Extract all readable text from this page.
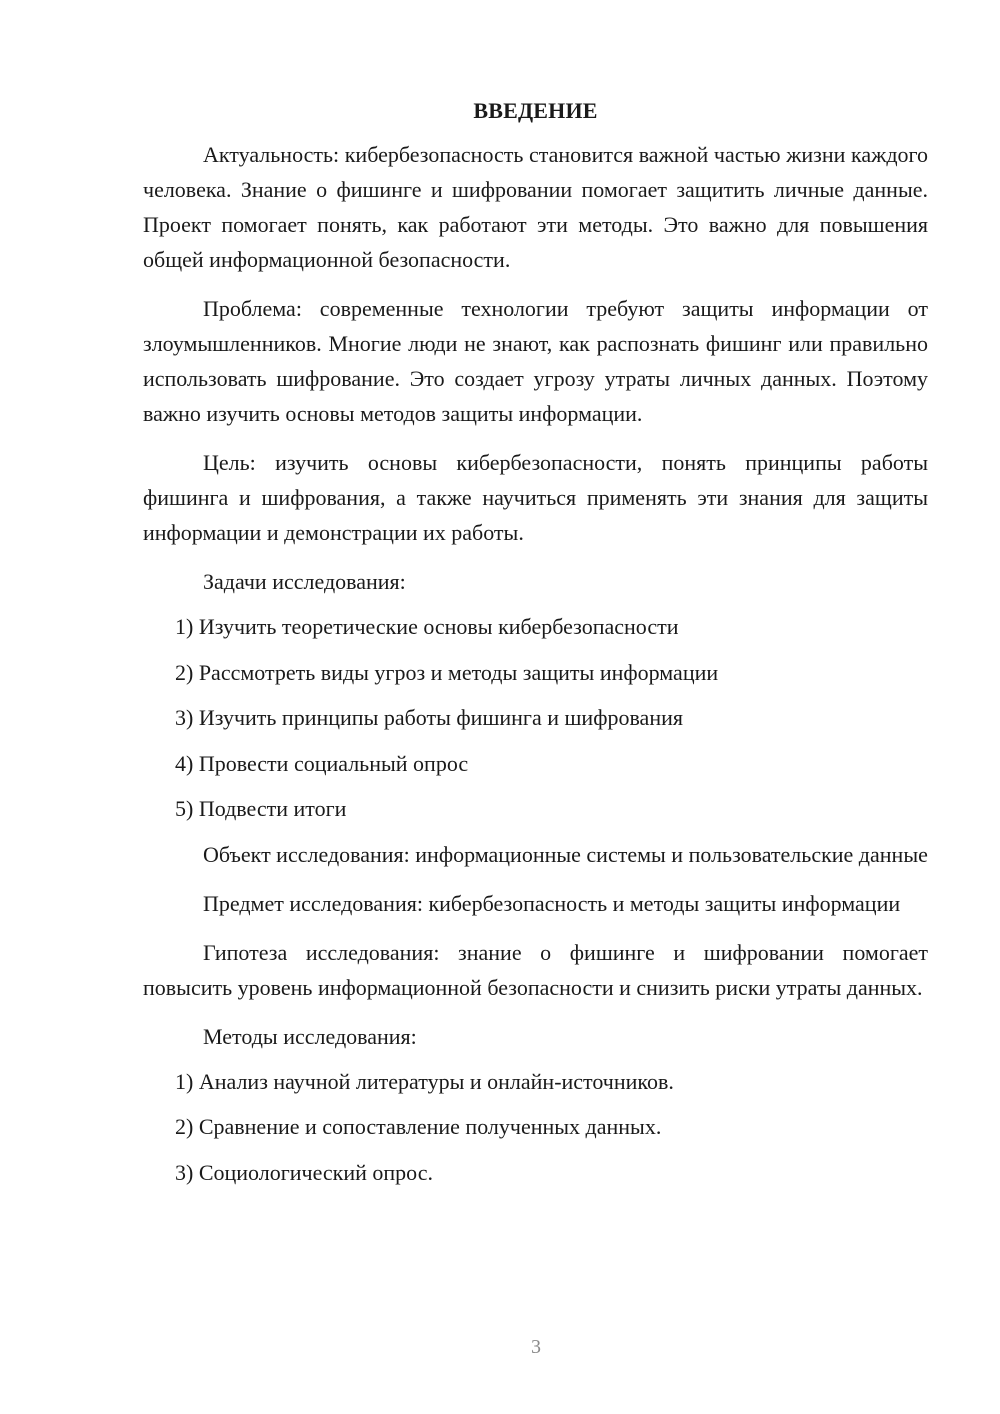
ВВЕДЕНИЕ

Актуальность: кибербезопасность становится важной частью жизни каждого человека. Знание о фишинге и шифровании помогает защитить личные данные. Проект помогает понять, как работают эти методы. Это важно для повышения общей информационной безопасности.

Проблема: современные технологии требуют защиты информации от злоумышленников. Многие люди не знают, как распознать фишинг или правильно использовать шифрование. Это создает угрозу утраты личных данных. Поэтому важно изучить основы методов защиты информации.

Цель: изучить основы кибербезопасности, понять принципы работы фишинга и шифрования, а также научиться применять эти знания для защиты информации и демонстрации их работы.

Задачи исследования:

1) Изучить теоретические основы кибербезопасности
2) Рассмотреть виды угроз и методы защиты информации
3) Изучить принципы работы фишинга и шифрования
4) Провести социальный опрос
5) Подвести итоги

Объект исследования: информационные системы и пользовательские данные

Предмет исследования: кибербезопасность и методы защиты информации

Гипотеза исследования: знание о фишинге и шифровании помогает повысить уровень информационной безопасности и снизить риски утраты данных.

Методы исследования:

1) Анализ научной литературы и онлайн-источников.
2) Сравнение и сопоставление полученных данных.
3) Социологический опрос.
3
